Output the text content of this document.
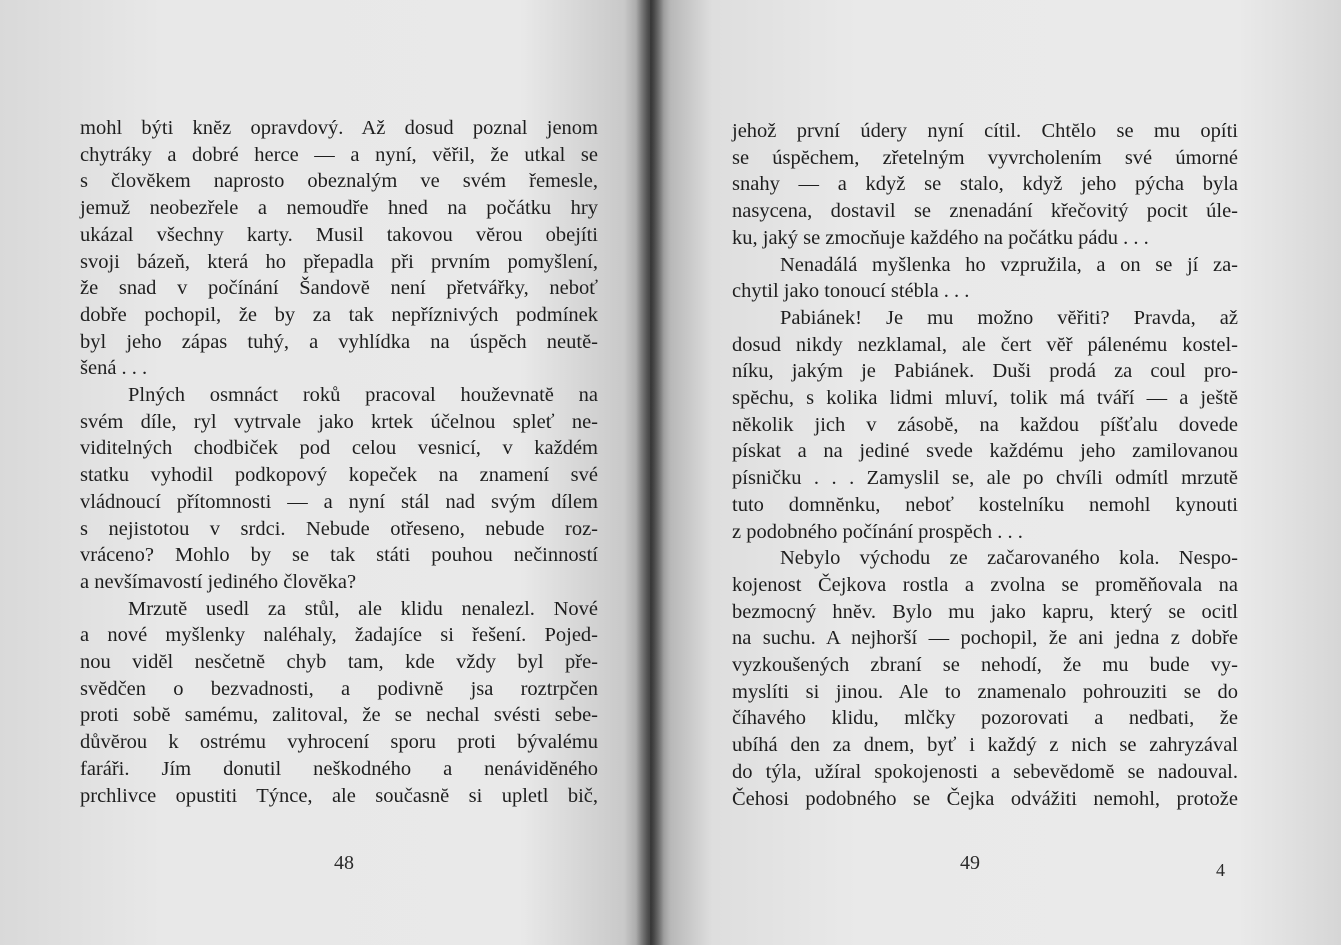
mohl býti knĕz opravdový. Až dosud poznal jenom
chytráky a dobré herce — a nyní, vĕřil, že utkal se
s človĕkem naprosto obeznalým ve svém řemesle,
jemuž neobezřele a nemoudře hned na počátku hry
ukázal všechny karty. Musil takovou vĕrou obejíti
svoji bázeň, která ho přepadla při prvním pomyšlení,
že snad v počínání Šandovĕ není přetvářky, neboť
dobře pochopil, že by za tak nepříznivých podmínek
byl jeho zápas tuhý, a vyhlídka na úspĕch neutĕ-
šená . . .
Plných osmnáct roků pracoval houževnatĕ na
svém díle, ryl vytrvale jako krtek účelnou spleť ne-
viditelných chodbiček pod celou vesnicí, v každém
statku vyhodil podkopový kopeček na znamení své
vládnoucí přítomnosti — a nyní stál nad svým dílem
s nejistotou v srdci. Nebude otřeseno, nebude roz-
vráceno? Mohlo by se tak státi pouhou nečinností
a nevšímavostí jediného človĕka?
Mrzutĕ usedl za stůl, ale klidu nenalezl. Nové
a nové myšlenky naléhaly, žadajíce si řešení. Pojed-
nou vidĕl nesčetnĕ chyb tam, kde vždy byl pře-
svĕdčen o bezvadnosti, a podivnĕ jsa roztrpčen
proti sobĕ samému, zalitoval, že se nechal svésti sebe-
důvĕrou k ostrému vyhrocení sporu proti bývalému
faráři. Jím donutil neškodného a nenávidĕného
prchlivce opustiti Týnce, ale současnĕ si upletl bič,
48
jehož první údery nyní cítil. Chtĕlo se mu opíti
se úspĕchem, zřetelným vyvrcholením své úmorné
snahy — a když se stalo, když jeho pýcha byla
nasycena, dostavil se znenadání křečovitý pocit úle-
ku, jaký se zmocňuje každého na počátku pádu . . .
Nenadálá myšlenka ho vzpružila, a on se jí za-
chytil jako tonoucí stébla . . .
Pabiánek! Je mu možno vĕřiti? Pravda, až
dosud nikdy nezklamal, ale čert vĕř pálenému kostel-
níku, jakým je Pabiánek. Duši prodá za coul pro-
spĕchu, s kolika lidmi mluví, tolik má tváří — a ještĕ
nĕkolik jich v zásobĕ, na každou píšťalu dovede
pískat a na jediné svede každému jeho zamilovanou
písničku . . . Zamyslil se, ale po chvíli odmítl mrzutĕ
tuto domnĕnku, neboť kostelníku nemohl kynouti
z podobného počínání prospĕch . . .
Nebylo východu ze začarovaného kola. Nespo-
kojenost Čejkova rostla a zvolna se promĕňovala na
bezmocný hnĕv. Bylo mu jako kapru, který se ocitl
na suchu. A nejhorší — pochopil, že ani jedna z dobře
vyzkoušených zbraní se nehodí, že mu bude vy-
myslíti si jinou. Ale to znamenalo pohrouziti se do
číhavého klidu, mlčky pozorovati a nedbati, že
ubíhá den za dnem, byť i každý z nich se zahryzával
do týla, užíral spokojenosti a sebevĕdomĕ se nadouval.
Čehosi podobného se Čejka odvážiti nemohl, protože
49	4
